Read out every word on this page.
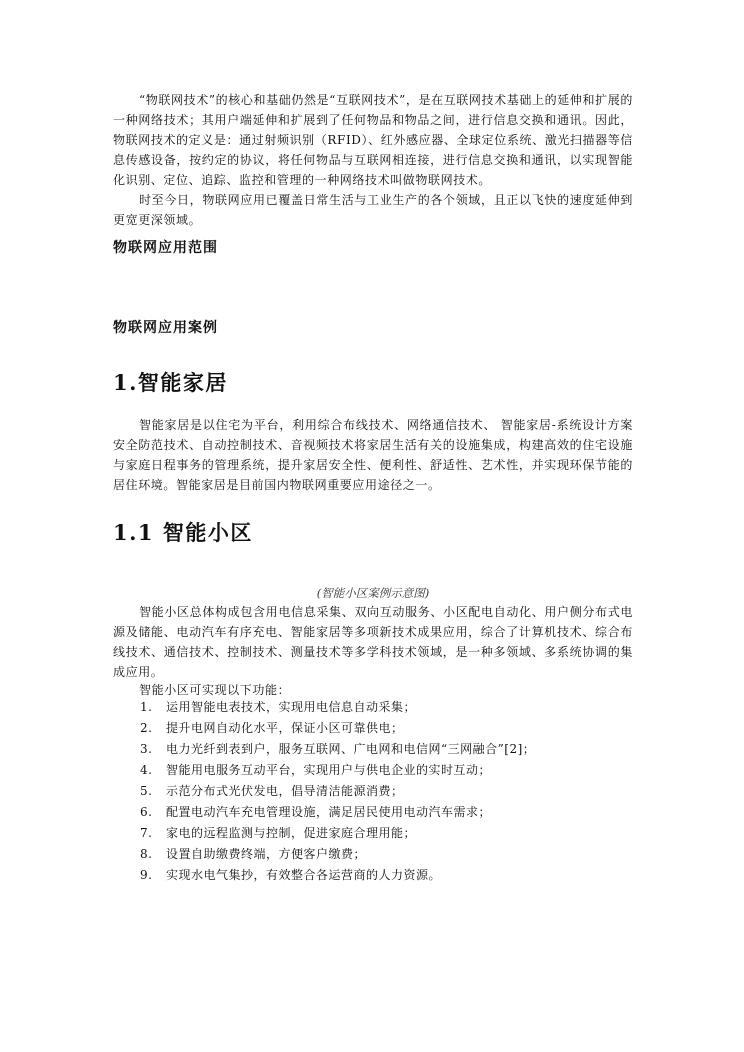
“物联网技术”的核心和基础仍然是“互联网技术”，是在互联网技术基础上的延伸和扩展的一种网络技术；其用户端延伸和扩展到了任何物品和物品之间，进行信息交换和通讯。因此，物联网技术的定义是：通过射频识别（RFID）、红外感应器、全球定位系统、激光扫描器等信息传感设备，按约定的协议，将任何物品与互联网相连接，进行信息交换和通讯，以实现智能化识别、定位、追踪、监控和管理的一种网络技术叫做物联网技术。

时至今日，物联网应用已覆盖日常生活与工业生产的各个领域，且正以飞快的速度延伸到更宽更深领域。

物联网应用范围
物联网应用案例
1.智能家居

智能家居是以住宅为平台，利用综合布线技术、网络通信技术、 智能家居-系统设计方案安全防范技术、自动控制技术、音视频技术将家居生活有关的设施集成，构建高效的住宅设施与家庭日程事务的管理系统，提升家居安全性、便利性、舒适性、艺术性，并实现环保节能的居住环境。智能家居是目前国内物联网重要应用途径之一。

1.1 智能小区

(智能小区案例示意图)

智能小区总体构成包含用电信息采集、双向互动服务、小区配电自动化、用户侧分布式电源及储能、电动汽车有序充电、智能家居等多项新技术成果应用，综合了计算机技术、综合布线技术、通信技术、控制技术、测量技术等多学科技术领域，是一种多领域、多系统协调的集成应用。

智能小区可实现以下功能：

1.	运用智能电表技术，实现用电信息自动采集；
2.	提升电网自动化水平，保证小区可靠供电；
3.	电力光纤到表到户，服务互联网、广电网和电信网“三网融合”[2]；
4.	智能用电服务互动平台，实现用户与供电企业的实时互动；
5.	示范分布式光伏发电，倡导清洁能源消费；
6.	配置电动汽车充电管理设施，满足居民使用电动汽车需求；
7.	家电的远程监测与控制，促进家庭合理用能；
8.	设置自助缴费终端，方便客户缴费；
9.	实现水电气集抄，有效整合各运营商的人力资源。
